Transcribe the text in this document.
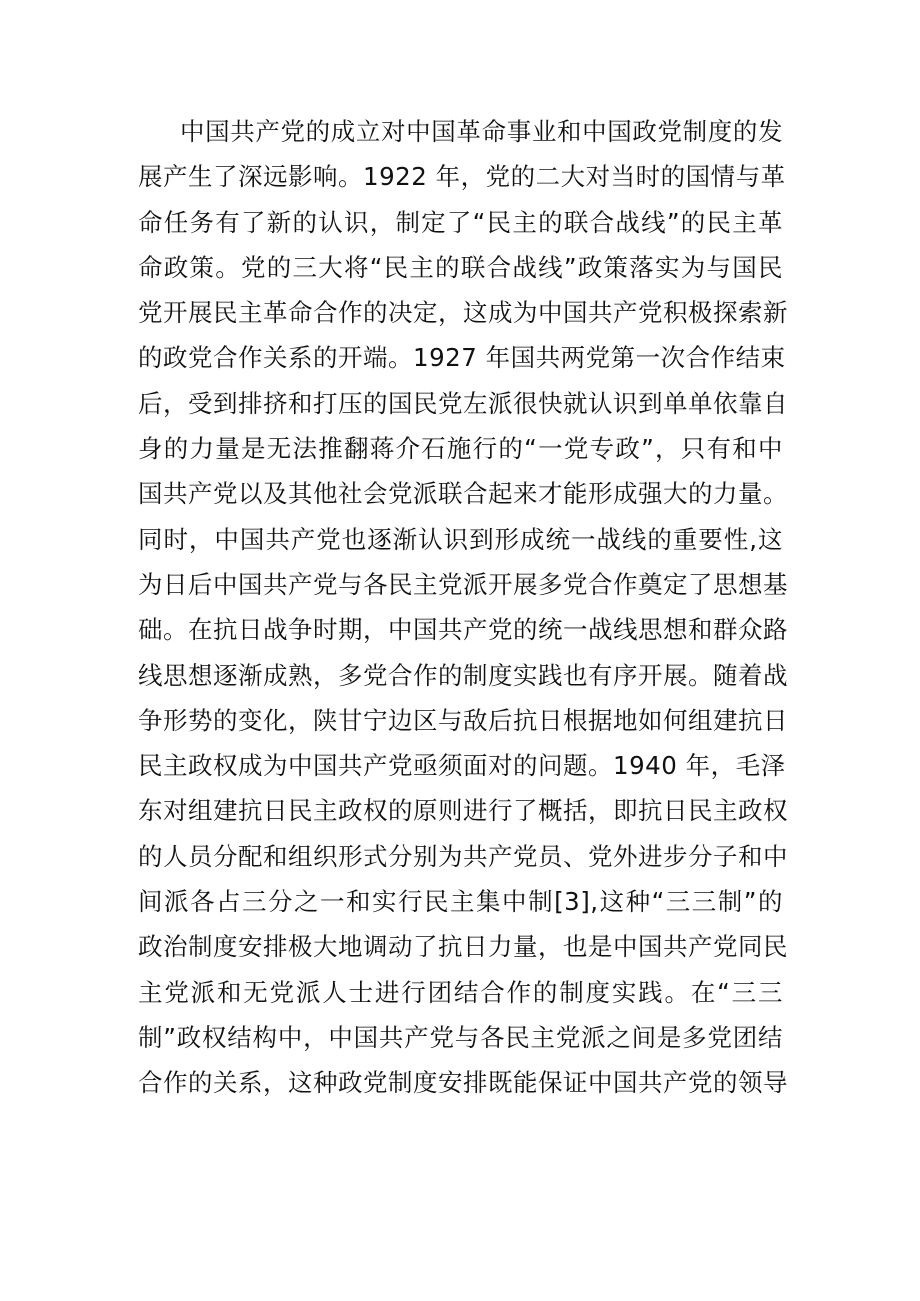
中国共产党的成立对中国革命事业和中国政党制度的发
展产生了深远影响。1922 年，党的二大对当时的国情与革
命任务有了新的认识，制定了“民主的联合战线”的民主革
命政策。党的三大将“民主的联合战线”政策落实为与国民
党开展民主革命合作的决定，这成为中国共产党积极探索新
的政党合作关系的开端。1927 年国共两党第一次合作结束
后，受到排挤和打压的国民党左派很快就认识到单单依靠自
身的力量是无法推翻蒋介石施行的“一党专政”，只有和中
国共产党以及其他社会党派联合起来才能形成强大的力量。
同时，中国共产党也逐渐认识到形成统一战线的重要性,这
为日后中国共产党与各民主党派开展多党合作奠定了思想基
础。在抗日战争时期，中国共产党的统一战线思想和群众路
线思想逐渐成熟，多党合作的制度实践也有序开展。随着战
争形势的变化，陕甘宁边区与敌后抗日根据地如何组建抗日
民主政权成为中国共产党亟须面对的问题。1940 年，毛泽
东对组建抗日民主政权的原则进行了概括，即抗日民主政权
的人员分配和组织形式分别为共产党员、党外进步分子和中
间派各占三分之一和实行民主集中制[3],这种“三三制”的
政治制度安排极大地调动了抗日力量，也是中国共产党同民
主党派和无党派人士进行团结合作的制度实践。在“三三
制”政权结构中，中国共产党与各民主党派之间是多党团结
合作的关系，这种政党制度安排既能保证中国共产党的领导
